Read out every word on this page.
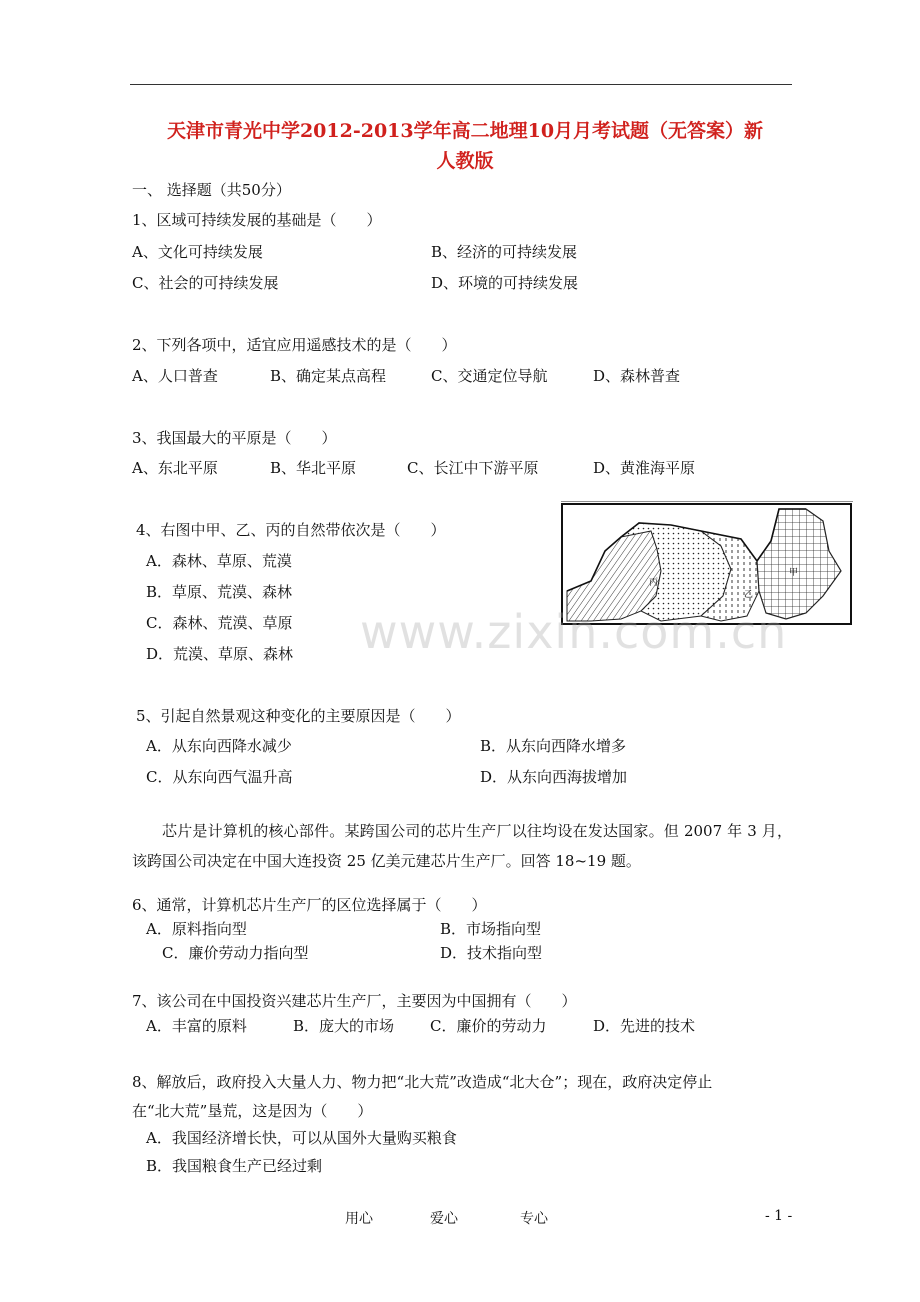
天津市青光中学2012-2013学年高二地理10月月考试题（无答案）新
人教版
一、 选择题（共50分）
1、区域可持续发展的基础是（　　）
A、文化可持续发展	B、经济的可持续发展
C、社会的可持续发展	D、环境的可持续发展
2、下列各项中，适宜应用遥感技术的是（　　）
A、人口普查	B、确定某点高程	C、交通定位导航	D、森林普查
3、我国最大的平原是（　　）
A、东北平原	B、华北平原	C、长江中下游平原	D、黄淮海平原
4、右图中甲、乙、丙的自然带依次是（　　）
A．森林、草原、荒漠
B．草原、荒漠、森林
C．森林、荒漠、草原
D．荒漠、草原、森林
甲
乙
丙
5、引起自然景观这种变化的主要原因是（　　）
A．从东向西降水减少	B．从东向西降水增多
C．从东向西气温升高	D．从东向西海拔增加
芯片是计算机的核心部件。某跨国公司的芯片生产厂以往均设在发达国家。但 2007 年 3 月，该跨国公司决定在中国大连投资 25 亿美元建芯片生产厂。回答 18~19 题。
6、通常，计算机芯片生产厂的区位选择属于（　　）
A．原料指向型	B．市场指向型
C．廉价劳动力指向型	D．技术指向型
7、该公司在中国投资兴建芯片生产厂，主要因为中国拥有（　　）
A．丰富的原料	B．庞大的市场 C．廉价的劳动力	D．先进的技术
8、解放后，政府投入大量人力、物力把“北大荒”改造成“北大仓”；现在，政府决定停止
在“北大荒”垦荒，这是因为（　　）
A．我国经济增长快，可以从国外大量购买粮食
B．我国粮食生产已经过剩
www.zixin.com.cn
用心	爱心	专心	- 1 -
